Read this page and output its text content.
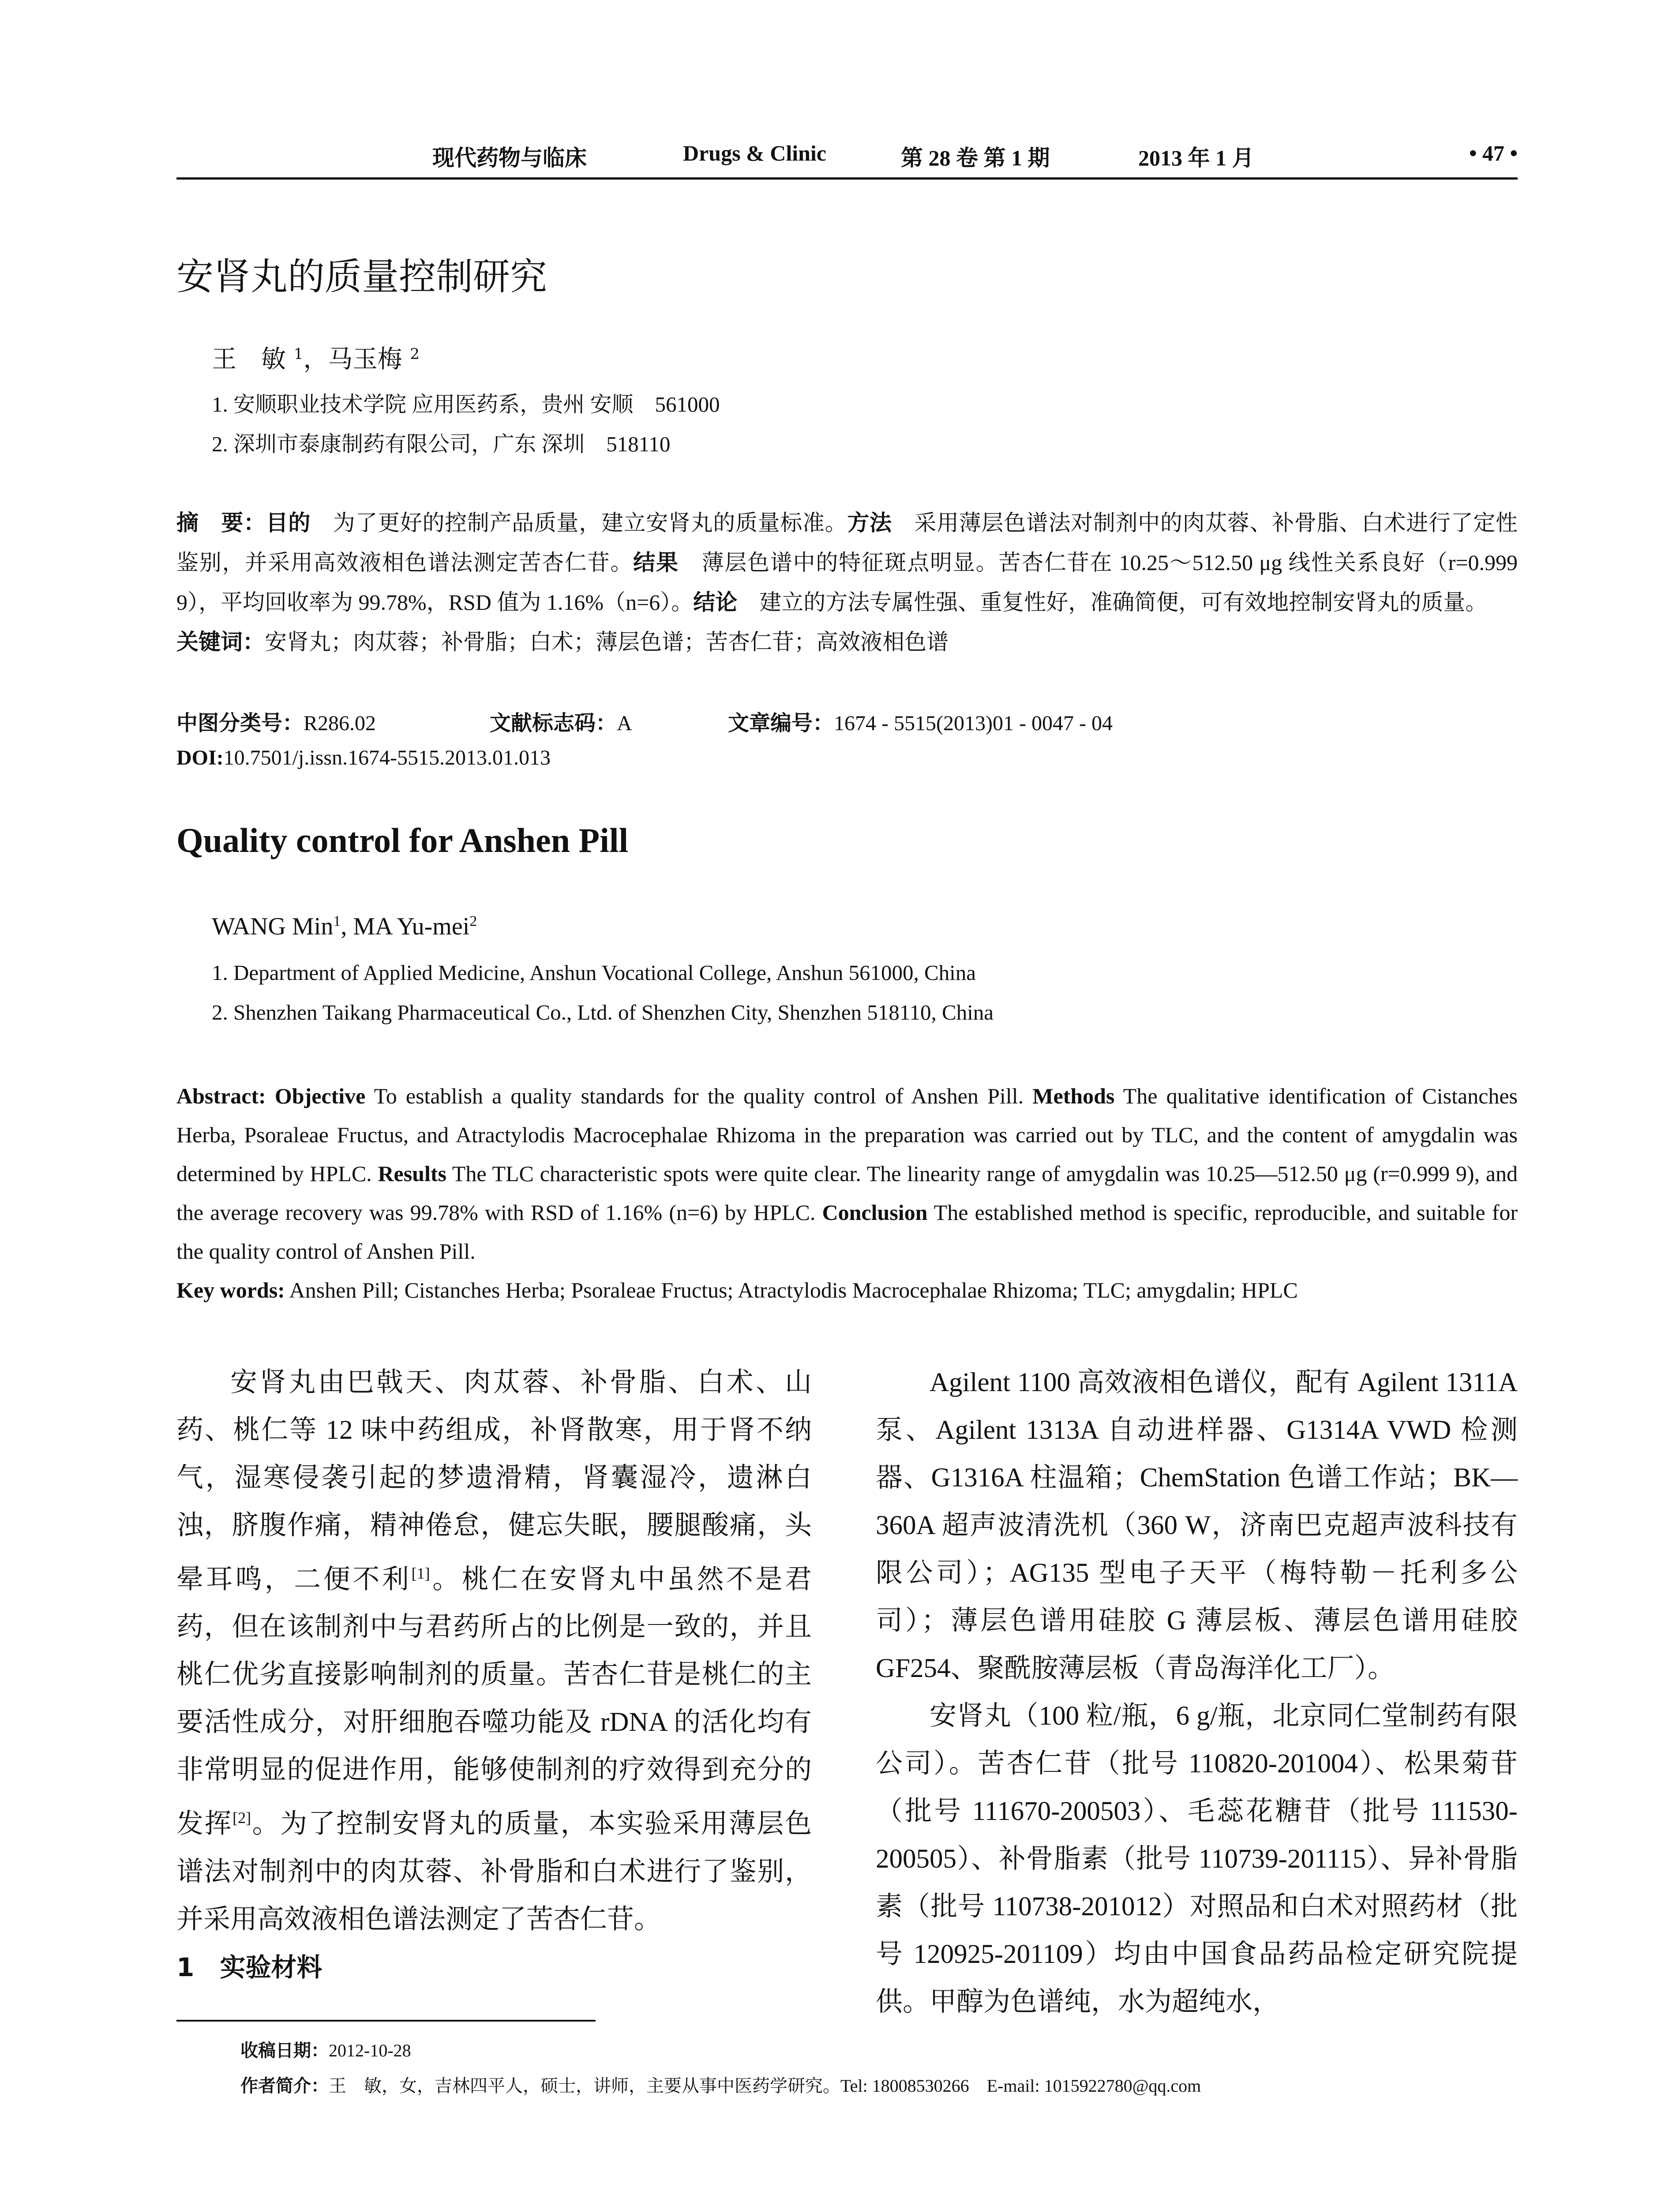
现代药物与临床	Drugs & Clinic	第 28 卷 第 1 期	2013 年 1 月	• 47 •
安肾丸的质量控制研究
王　敏 $^1$，马玉梅 $^2$
1. 安顺职业技术学院 应用医药系，贵州 安顺　561000
2. 深圳市泰康制药有限公司，广东 深圳　518110

摘　要：目的　为了更好的控制产品质量，建立安肾丸的质量标准。方法　采用薄层色谱法对制剂中的肉苁蓉、补骨脂、白术进行了定性鉴别，并采用高效液相色谱法测定苦杏仁苷。结果　薄层色谱中的特征斑点明显。苦杏仁苷在 10.25～512.50 μg 线性关系良好（r=0.999 9），平均回收率为 99.78%，RSD 值为 1.16%（n=6）。结论　建立的方法专属性强、重复性好，准确简便，可有效地控制安肾丸的质量。

关键词：安肾丸；肉苁蓉；补骨脂；白术；薄层色谱；苦杏仁苷；高效液相色谱

中图分类号：R286.02	文献标志码：A	文章编号：1674 - 5515(2013)01 - 0047 - 04
DOI:10.7501/j.issn.1674-5515.2013.01.013
Quality control for Anshen Pill
WANG Min$^1$, MA Yu-mei$^2$
1. Department of Applied Medicine, Anshun Vocational College, Anshun 561000, China
2. Shenzhen Taikang Pharmaceutical Co., Ltd. of Shenzhen City, Shenzhen 518110, China

Abstract: Objective To establish a quality standards for the quality control of Anshen Pill. Methods The qualitative identification of Cistanches Herba, Psoraleae Fructus, and Atractylodis Macrocephalae Rhizoma in the preparation was carried out by TLC, and the content of amygdalin was determined by HPLC. Results The TLC characteristic spots were quite clear. The linearity range of amygdalin was 10.25—512.50 μg (r=0.999 9), and the average recovery was 99.78% with RSD of 1.16% (n=6) by HPLC. Conclusion The established method is specific, reproducible, and suitable for the quality control of Anshen Pill.

Key words: Anshen Pill; Cistanches Herba; Psoraleae Fructus; Atractylodis Macrocephalae Rhizoma; TLC; amygdalin; HPLC

安肾丸由巴戟天、肉苁蓉、补骨脂、白术、山药、桃仁等 12 味中药组成，补肾散寒，用于肾不纳气，湿寒侵袭引起的梦遗滑精，肾囊湿冷，遗淋白浊，脐腹作痛，精神倦怠，健忘失眠，腰腿酸痛，头晕耳鸣，二便不利[1]。桃仁在安肾丸中虽然不是君药，但在该制剂中与君药所占的比例是一致的，并且桃仁优劣直接影响制剂的质量。苦杏仁苷是桃仁的主要活性成分，对肝细胞吞噬功能及 rDNA 的活化均有非常明显的促进作用，能够使制剂的疗效得到充分的发挥[2]。为了控制安肾丸的质量，本实验采用薄层色谱法对制剂中的肉苁蓉、补骨脂和白术进行了鉴别，并采用高效液相色谱法测定了苦杏仁苷。

1　实验材料

Agilent 1100 高效液相色谱仪，配有 Agilent 1311A 泵、Agilent 1313A 自动进样器、G1314A VWD 检测器、G1316A 柱温箱；ChemStation 色谱工作站；BK—360A 超声波清洗机（360 W，济南巴克超声波科技有限公司）；AG135 型电子天平（梅特勒－托利多公司）；薄层色谱用硅胶 G 薄层板、薄层色谱用硅胶 GF254、聚酰胺薄层板（青岛海洋化工厂）。

安肾丸（100 粒/瓶，6 g/瓶，北京同仁堂制药有限公司）。苦杏仁苷（批号 110820-201004）、松果菊苷（批号 111670-200503）、毛蕊花糖苷（批号 111530-200505）、补骨脂素（批号 110739-201115）、异补骨脂素（批号 110738-201012）对照品和白术对照药材（批号 120925-201109）均由中国食品药品检定研究院提供。甲醇为色谱纯，水为超纯水，

收稿日期：2012-10-28
作者简介：王　敏，女，吉林四平人，硕士，讲师，主要从事中医药学研究。Tel: 18008530266　E-mail: 1015922780@qq.com
